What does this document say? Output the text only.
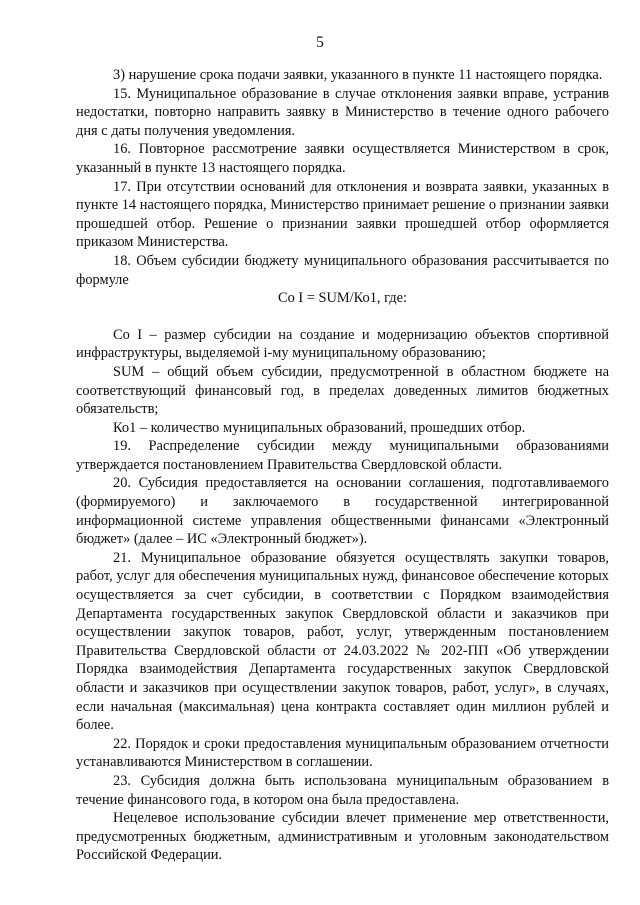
5

3) нарушение срока подачи заявки, указанного в пункте 11 настоящего порядка.

15. Муниципальное образование в случае отклонения заявки вправе, устранив недостатки, повторно направить заявку в Министерство в течение одного рабочего дня с даты получения уведомления.

16. Повторное рассмотрение заявки осуществляется Министерством в срок, указанный в пункте 13 настоящего порядка.

17. При отсутствии оснований для отклонения и возврата заявки, указанных в пункте 14 настоящего порядка, Министерство принимает решение о признании заявки прошедшей отбор. Решение о признании заявки прошедшей отбор оформляется приказом Министерства.

18. Объем субсидии бюджету муниципального образования рассчитывается по формуле

Со I = SUM/Ко1, где:

Со I – размер субсидии на создание и модернизацию объектов спортивной инфраструктуры, выделяемой i-му муниципальному образованию;

SUM – общий объем субсидии, предусмотренной в областном бюджете на соответствующий финансовый год, в пределах доведенных лимитов бюджетных обязательств;

Ко1 – количество муниципальных образований, прошедших отбор.

19. Распределение субсидии между муниципальными образованиями утверждается постановлением Правительства Свердловской области.

20. Субсидия предоставляется на основании соглашения, подготавливаемого (формируемого) и заключаемого в государственной интегрированной информационной системе управления общественными финансами «Электронный бюджет» (далее – ИС «Электронный бюджет»).

21. Муниципальное образование обязуется осуществлять закупки товаров, работ, услуг для обеспечения муниципальных нужд, финансовое обеспечение которых осуществляется за счет субсидии, в соответствии с Порядком взаимодействия Департамента государственных закупок Свердловской области и заказчиков при осуществлении закупок товаров, работ, услуг, утвержденным постановлением Правительства Свердловской области от 24.03.2022 № 202-ПП «Об утверждении Порядка взаимодействия Департамента государственных закупок Свердловской области и заказчиков при осуществлении закупок товаров, работ, услуг», в случаях, если начальная (максимальная) цена контракта составляет один миллион рублей и более.

22. Порядок и сроки предоставления муниципальным образованием отчетности устанавливаются Министерством в соглашении.

23. Субсидия должна быть использована муниципальным образованием в течение финансового года, в котором она была предоставлена.

Нецелевое использование субсидии влечет применение мер ответственности, предусмотренных бюджетным, административным и уголовным законодательством Российской Федерации.
